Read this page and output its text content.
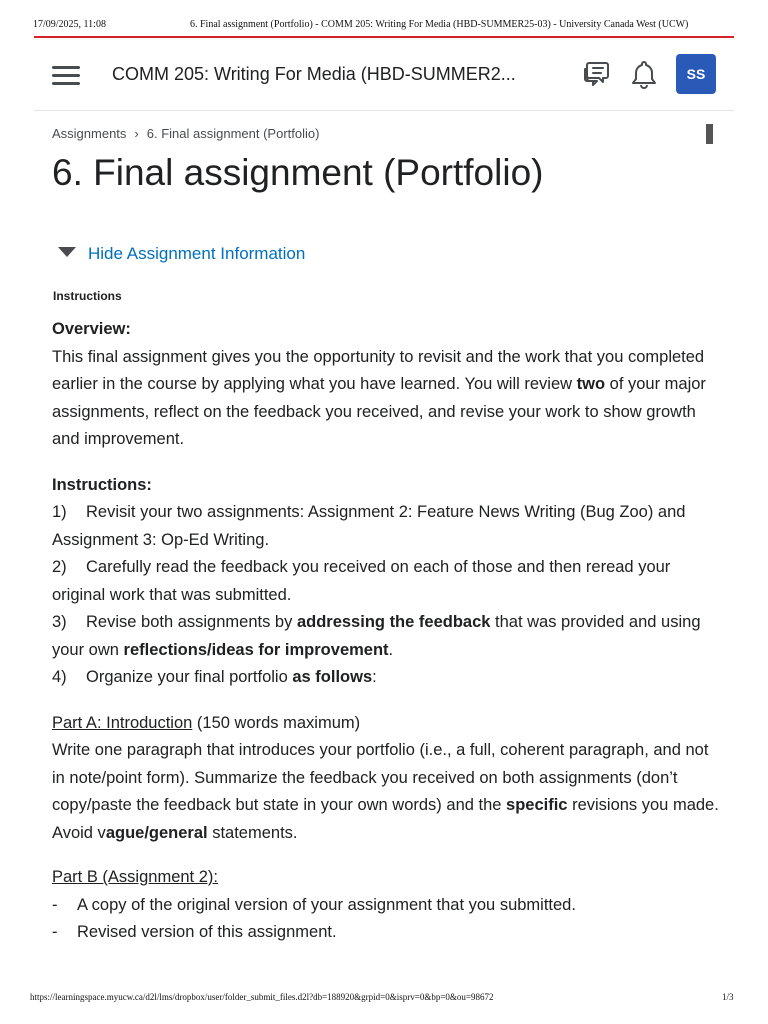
17/09/2025, 11:08	6. Final assignment (Portfolio) - COMM 205: Writing For Media (HBD-SUMMER25-03) - University Canada West (UCW)
COMM 205: Writing For Media (HBD-SUMMER2...	SS
Assignments › 6. Final assignment (Portfolio)
6. Final assignment (Portfolio)
Hide Assignment Information
Instructions

Overview:

This final assignment gives you the opportunity to revisit and the work that you completed earlier in the course by applying what you have learned. You will review two of your major assignments, reflect on the feedback you received, and revise your work to show growth and improvement.

Instructions:

1) Revisit your two assignments: Assignment 2: Feature News Writing (Bug Zoo) and Assignment 3: Op-Ed Writing.

2) Carefully read the feedback you received on each of those and then reread your original work that was submitted.

3) Revise both assignments by addressing the feedback that was provided and using your own reflections/ideas for improvement.

4) Organize your final portfolio as follows:

Part A: Introduction (150 words maximum)

Write one paragraph that introduces your portfolio (i.e., a full, coherent paragraph, and not in note/point form). Summarize the feedback you received on both assignments (don’t copy/paste the feedback but state in your own words) and the specific revisions you made. Avoid vague/general statements.

Part B (Assignment 2):

- A copy of the original version of your assignment that you submitted.

- Revised version of this assignment.

https://learningspace.myucw.ca/d2l/lms/dropbox/user/folder_submit_files.d2l?db=188920&grpid=0&isprv=0&bp=0&ou=98672	1/3
